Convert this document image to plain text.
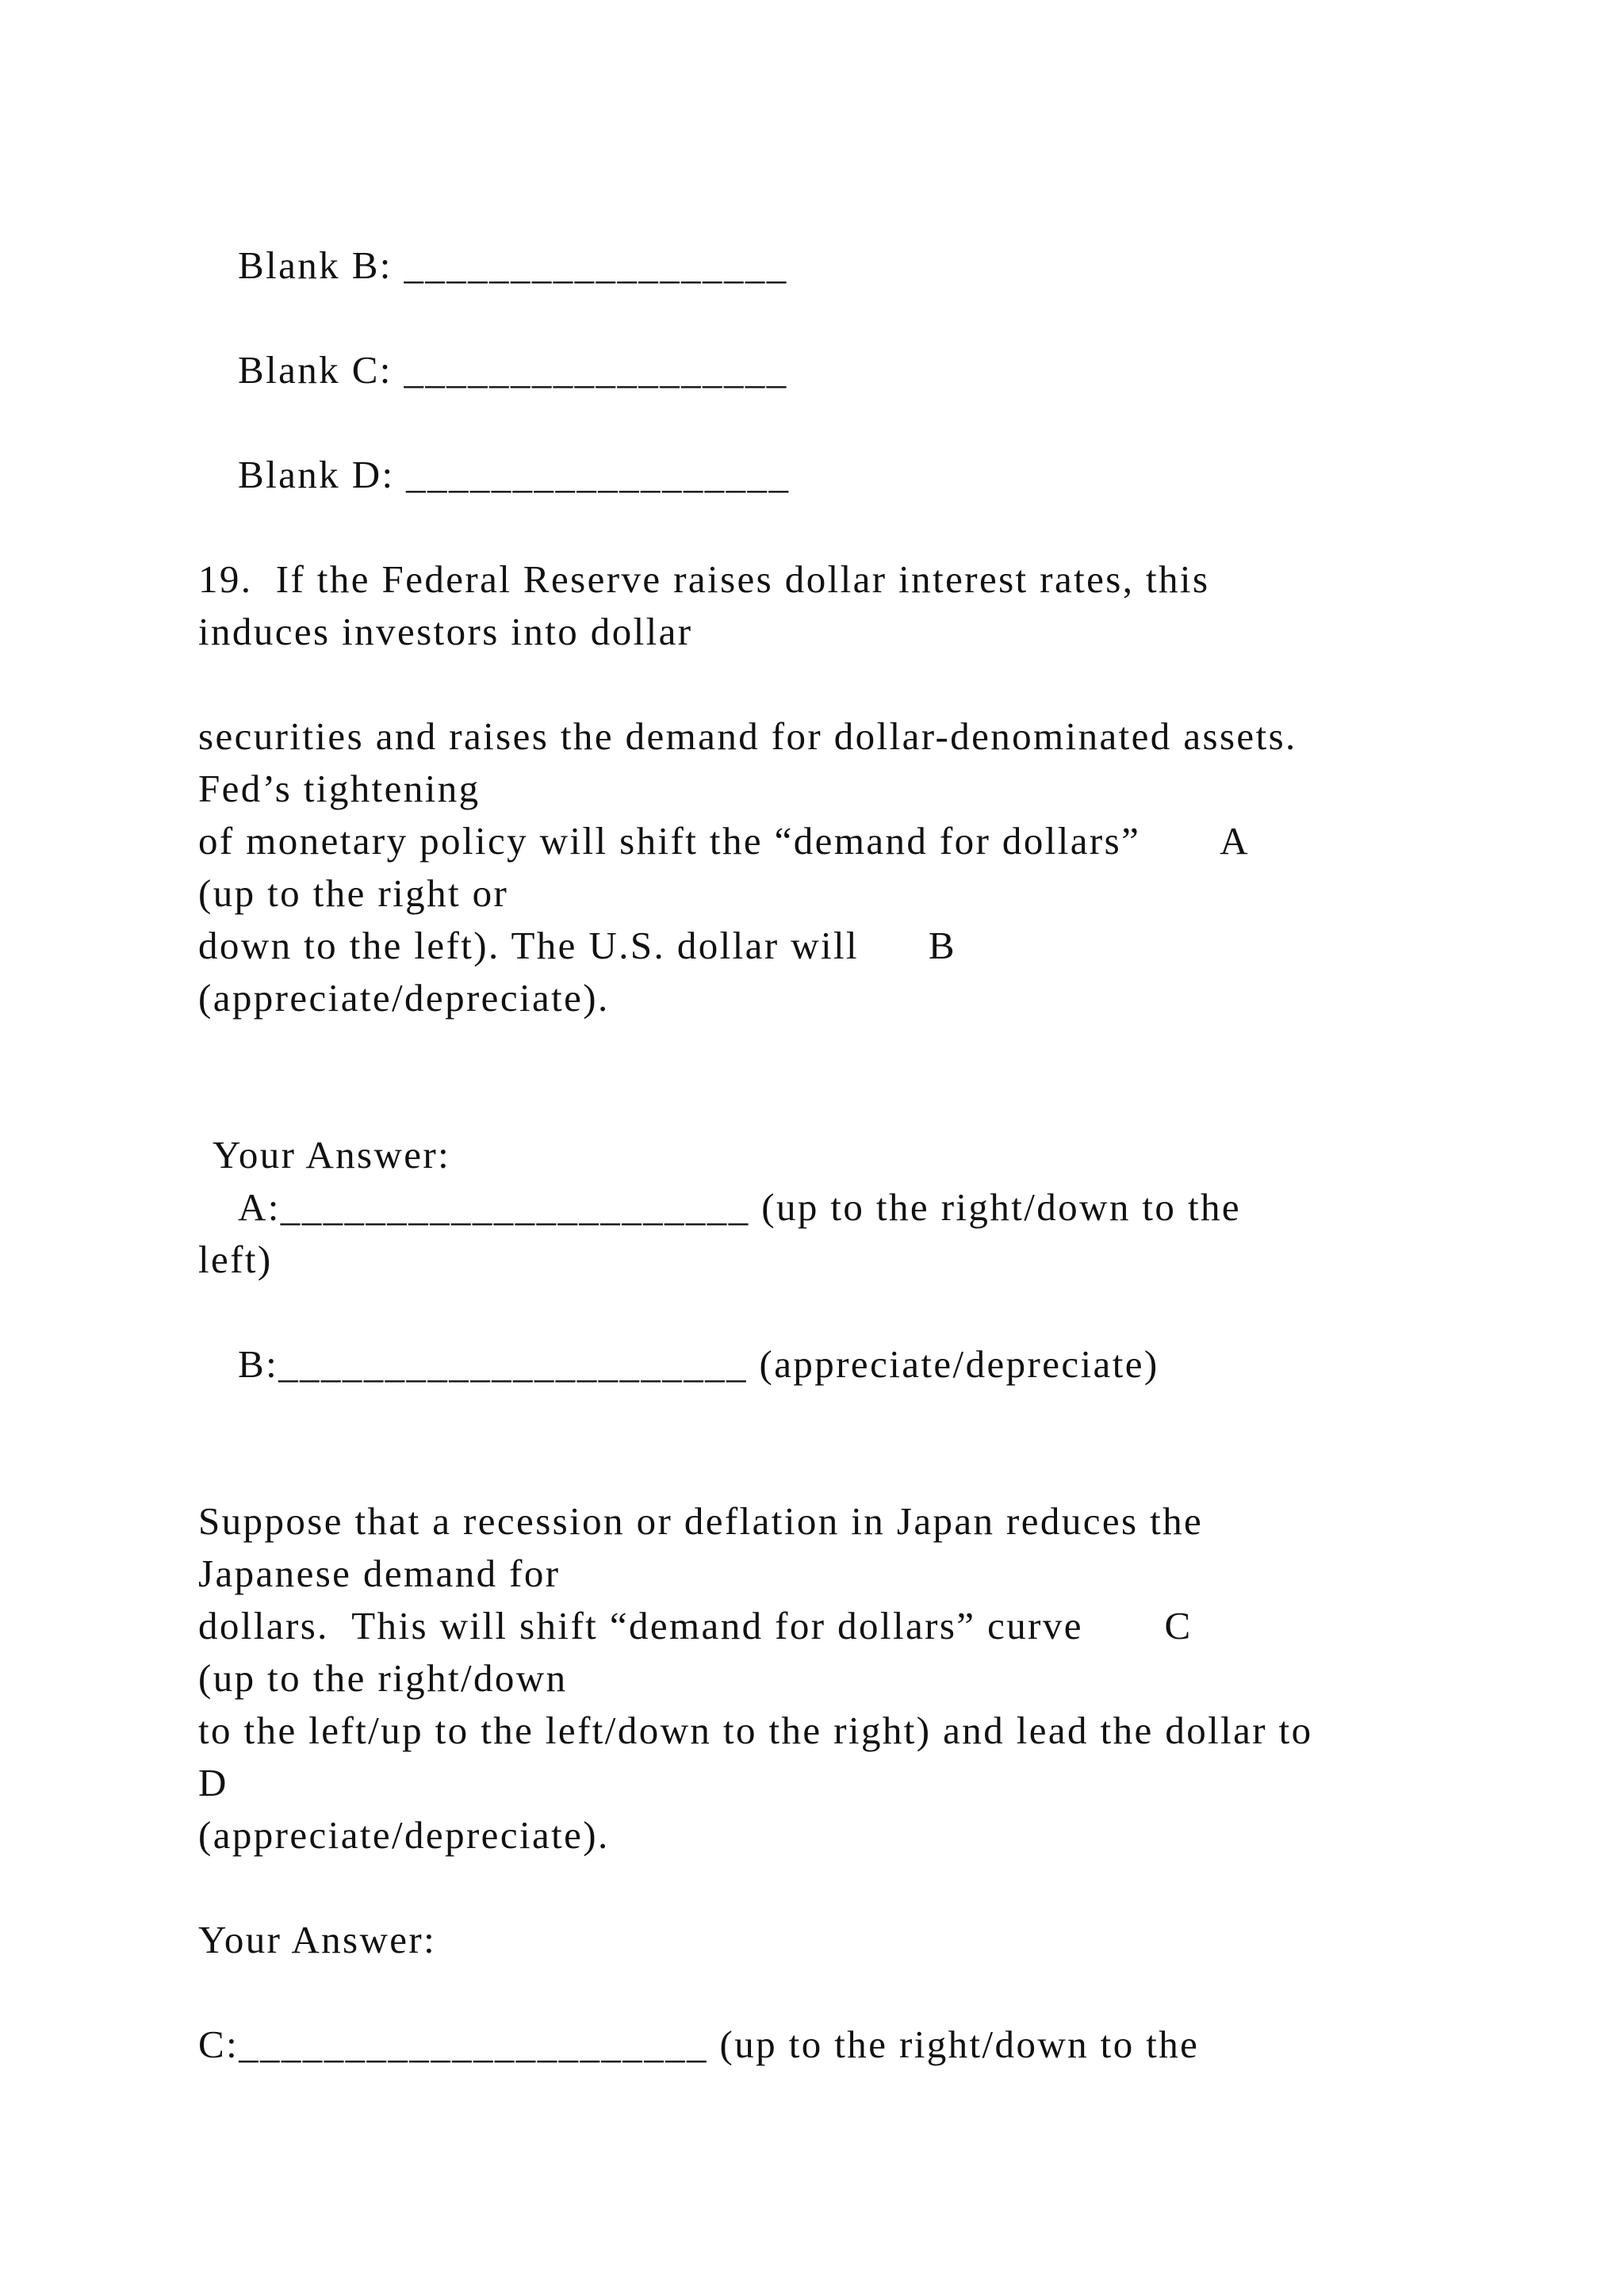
Blank B: __________________
Blank C: __________________
Blank D: __________________
19.  If the Federal Reserve raises dollar interest rates, this
induces investors into dollar
securities and raises the demand for dollar-denominated assets.
Fed’s tightening
of monetary policy will shift the “demand for dollars”       A
(up to the right or
down to the left). The U.S. dollar will      B
(appreciate/depreciate).
Your Answer:
A:______________________ (up to the right/down to the
left)
B:______________________ (appreciate/depreciate)
Suppose that a recession or deflation in Japan reduces the
Japanese demand for
dollars.  This will shift “demand for dollars” curve       C
(up to the right/down
to the left/up to the left/down to the right) and lead the dollar to
D
(appreciate/depreciate).
Your Answer:
C:______________________ (up to the right/down to the
